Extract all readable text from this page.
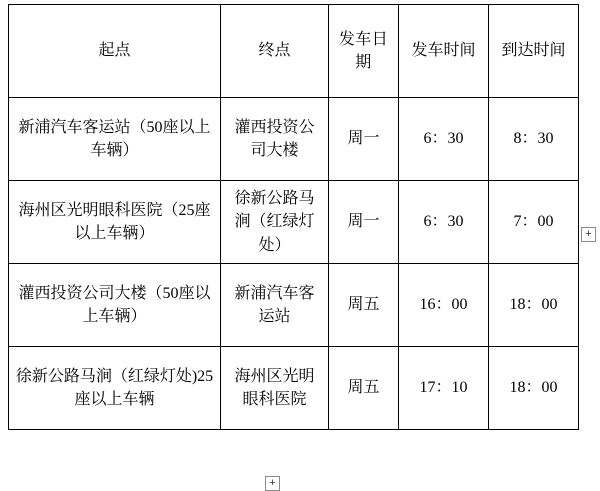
起点	终点	发车日期	发车时间	到达时间
新浦汽车客运站（50座以上车辆）	灌西投资公司大楼	周一	6：30	8：30
海州区光明眼科医院（25座以上车辆）	徐新公路马涧（红绿灯处）	周一	6：30	7：00
灌西投资公司大楼（50座以上车辆）	新浦汽车客运站	周五	16：00	18：00
徐新公路马涧（红绿灯处)25座以上车辆	海州区光明眼科医院	周五	17：10	18：00
+
+
